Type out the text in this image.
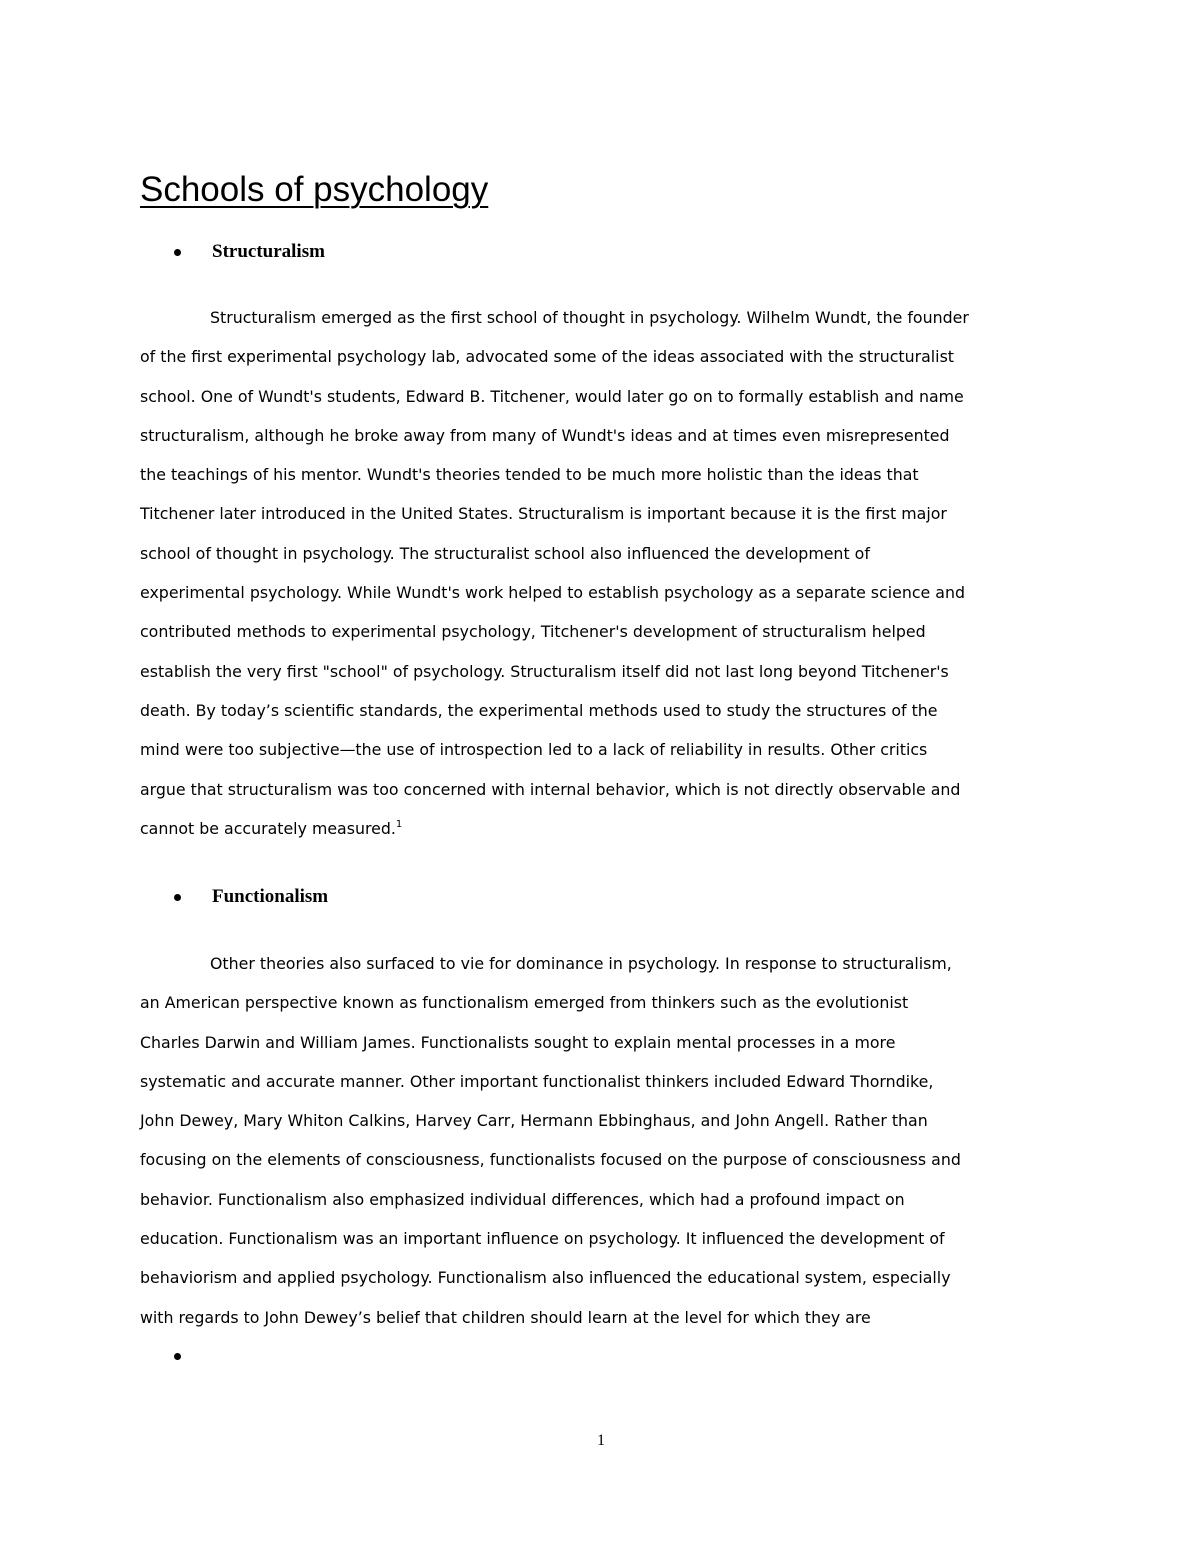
Schools of psychology
Structuralism

Structuralism emerged as the first school of thought in psychology. Wilhelm Wundt, the founder
of the first experimental psychology lab, advocated some of the ideas associated with the structuralist
school. One of Wundt's students, Edward B. Titchener, would later go on to formally establish and name
structuralism, although he broke away from many of Wundt's ideas and at times even misrepresented
the teachings of his mentor. Wundt's theories tended to be much more holistic than the ideas that
Titchener later introduced in the United States. Structuralism is important because it is the first major
school of thought in psychology. The structuralist school also influenced the development of
experimental psychology. While Wundt's work helped to establish psychology as a separate science and
contributed methods to experimental psychology, Titchener's development of structuralism helped
establish the very first "school" of psychology. Structuralism itself did not last long beyond Titchener's
death. By today’s scientific standards, the experimental methods used to study the structures of the
mind were too subjective—the use of introspection led to a lack of reliability in results. Other critics
argue that structuralism was too concerned with internal behavior, which is not directly observable and
cannot be accurately measured.$^1$

Functionalism

Other theories also surfaced to vie for dominance in psychology. In response to structuralism,
an American perspective known as functionalism emerged from thinkers such as the evolutionist
Charles Darwin and William James. Functionalists sought to explain mental processes in a more
systematic and accurate manner. Other important functionalist thinkers included Edward Thorndike,
John Dewey, Mary Whiton Calkins, Harvey Carr, Hermann Ebbinghaus, and John Angell. Rather than
focusing on the elements of consciousness, functionalists focused on the purpose of consciousness and
behavior. Functionalism also emphasized individual differences, which had a profound impact on
education. Functionalism was an important influence on psychology. It influenced the development of
behaviorism and applied psychology. Functionalism also influenced the educational system, especially
with regards to John Dewey’s belief that children should learn at the level for which they are

1
